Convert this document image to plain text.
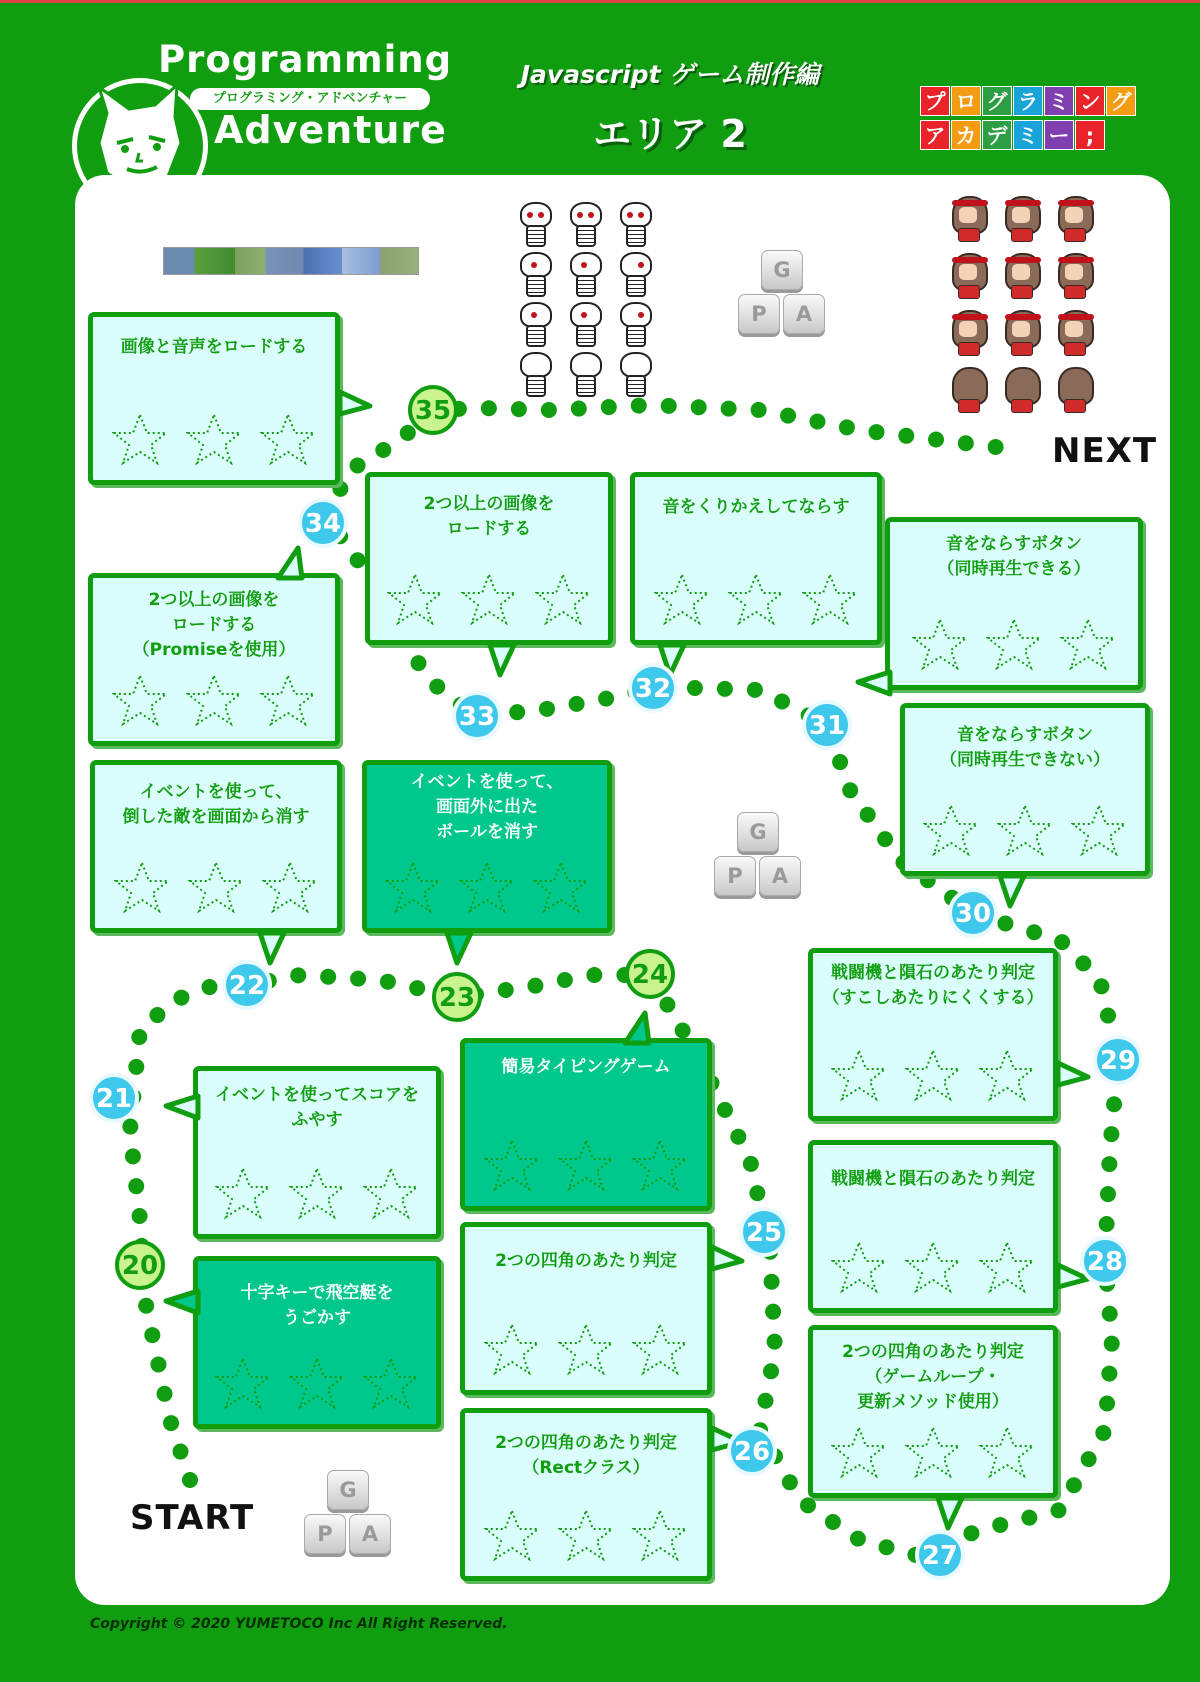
Programming
プログラミング・アドベンチャー
Adventure
Javascript ゲーム制作編
エリア 2
プ ロ グ ラ ミ ン グ
ア カ デ ミ ー ;
G
P	A
G
P	A
G
P	A
十字キーで飛空艇を
うごかす
イベントを使ってスコアを
ふやす
イベントを使って、
倒した敵を画面から消す
イベントを使って、
画面外に出た
ボールを消す
簡易タイピングゲーム
2つの四角のあたり判定
2つの四角のあたり判定
（Rectクラス）
2つの四角のあたり判定
（ゲームループ・
更新メソッド使用）
戦闘機と隕石のあたり判定
戦闘機と隕石のあたり判定
（すこしあたりにくくする）
音をならすボタン
（同時再生できない）
音をならすボタン
（同時再生できる）
音をくりかえしてならす
2つ以上の画像を
ロードする
2つ以上の画像を
ロードする
（Promiseを使用）
画像と音声をロードする
20
21
22	23
24
25
26
27
28
29
30
31
32
33
34
35
START
NEXT
Copyright © 2020 YUMETOCO Inc All Right Reserved.
